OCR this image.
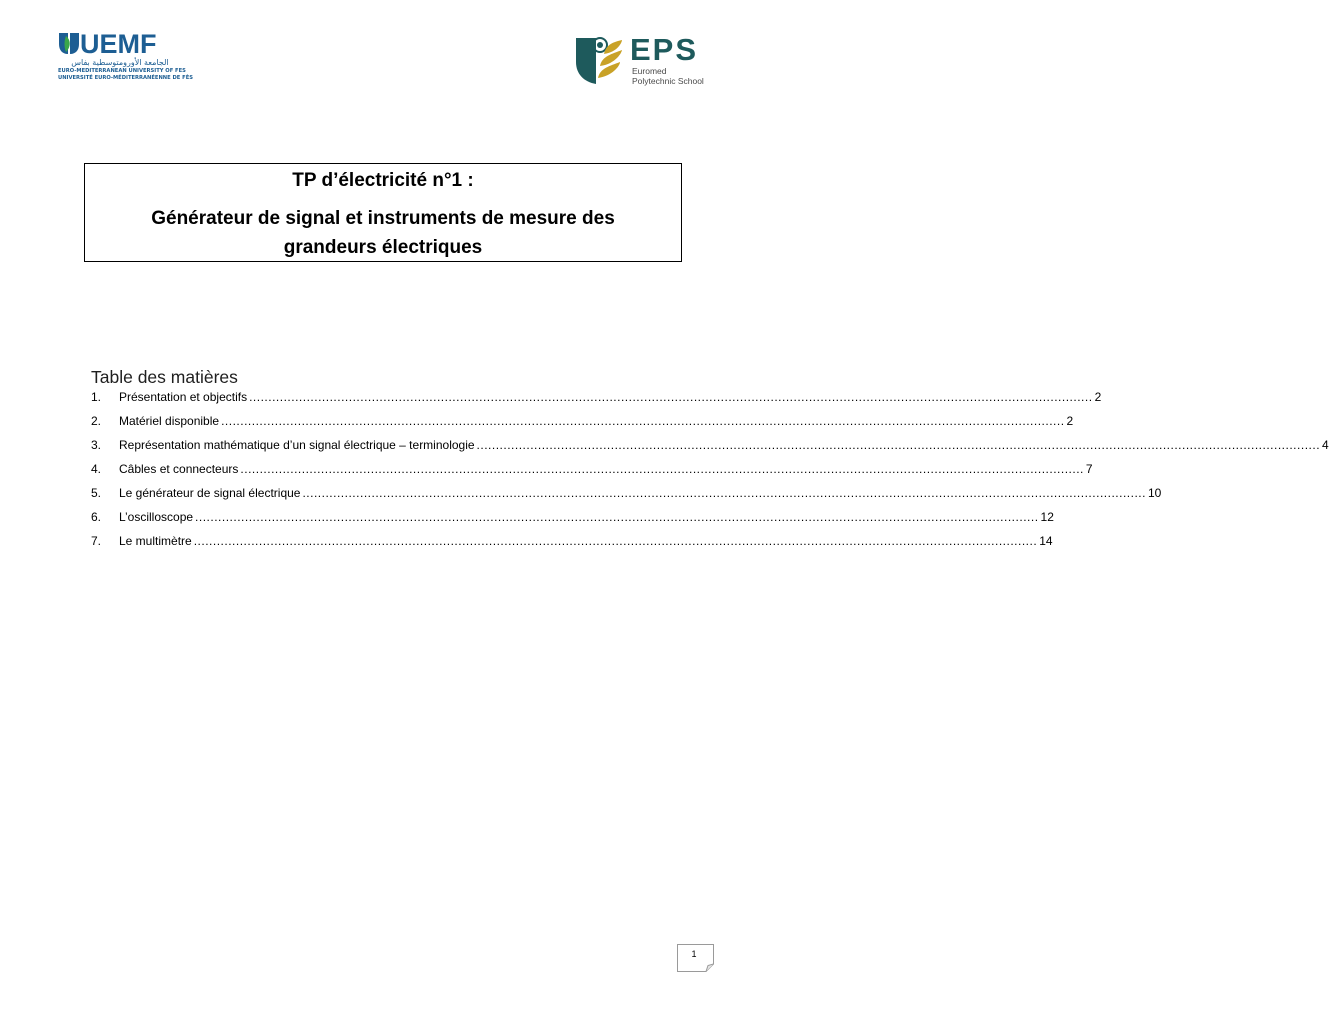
UEMF
الجامعة الأورومتوسطية بفاس
EURO-MEDITERRANEAN UNIVERSITY OF FES
UNIVERSITÉ EURO-MÉDITERRANÉENNE DE FÈS
EPS
Euromed
Polytechnic School
TP d’électricité n°1 :
Générateur de signal et instruments de mesure des grandeurs électriques
Table des matières
1.	Présentation et objectifs ............................................................................................................................................................................................................................ 2
2.	Matériel disponible ............................................................................................................................................................................................................................ 2
3.	Représentation mathématique d’un signal électrique – terminologie ............................................................................................................................................................................................................................ 4
4.	Câbles et connecteurs ............................................................................................................................................................................................................................ 7
5.	Le générateur de signal électrique ............................................................................................................................................................................................................................ 10
6.	L’oscilloscope ............................................................................................................................................................................................................................ 12
7.	Le multimètre ............................................................................................................................................................................................................................ 14
1
